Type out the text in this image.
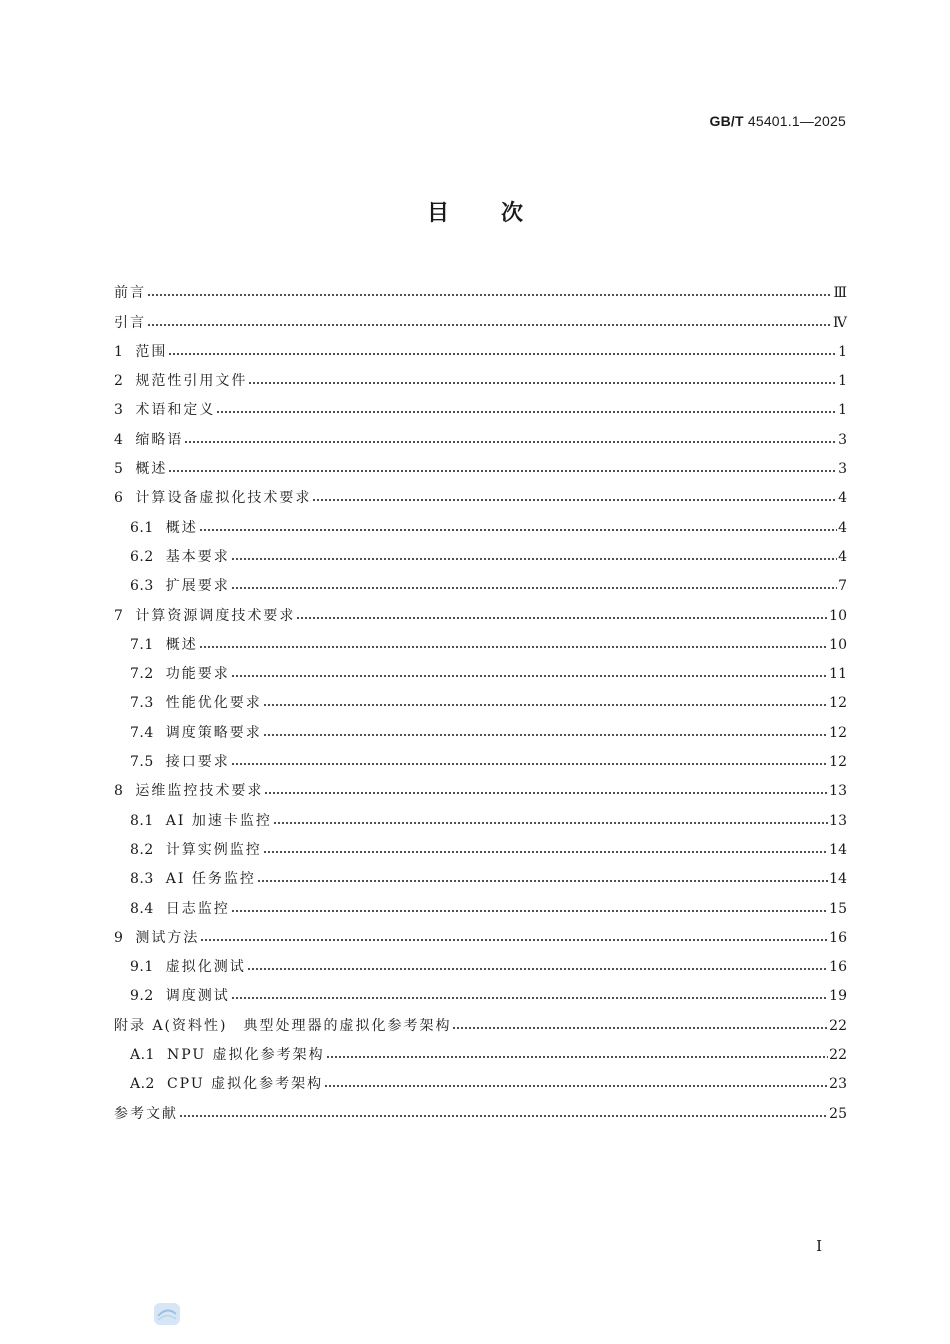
GB/T 45401.1—2025
目次
前言	Ⅲ
引言	Ⅳ
1 范围	1
2 规范性引用文件	1
3 术语和定义	1
4 缩略语	3
5 概述	3
6 计算设备虚拟化技术要求	4
6.1 概述	4
6.2 基本要求	4
6.3 扩展要求	7
7 计算资源调度技术要求	10
7.1 概述	10
7.2 功能要求	11
7.3 性能优化要求	12
7.4 调度策略要求	12
7.5 接口要求	12
8 运维监控技术要求	13
8.1 AI 加速卡监控	13
8.2 计算实例监控	14
8.3 AI 任务监控	14
8.4 日志监控	15
9 测试方法	16
9.1 虚拟化测试	16
9.2 调度测试	19
附录 A(资料性)　典型处理器的虚拟化参考架构	22
A.1 NPU 虚拟化参考架构	22
A.2 CPU 虚拟化参考架构	23
参考文献	25
I
